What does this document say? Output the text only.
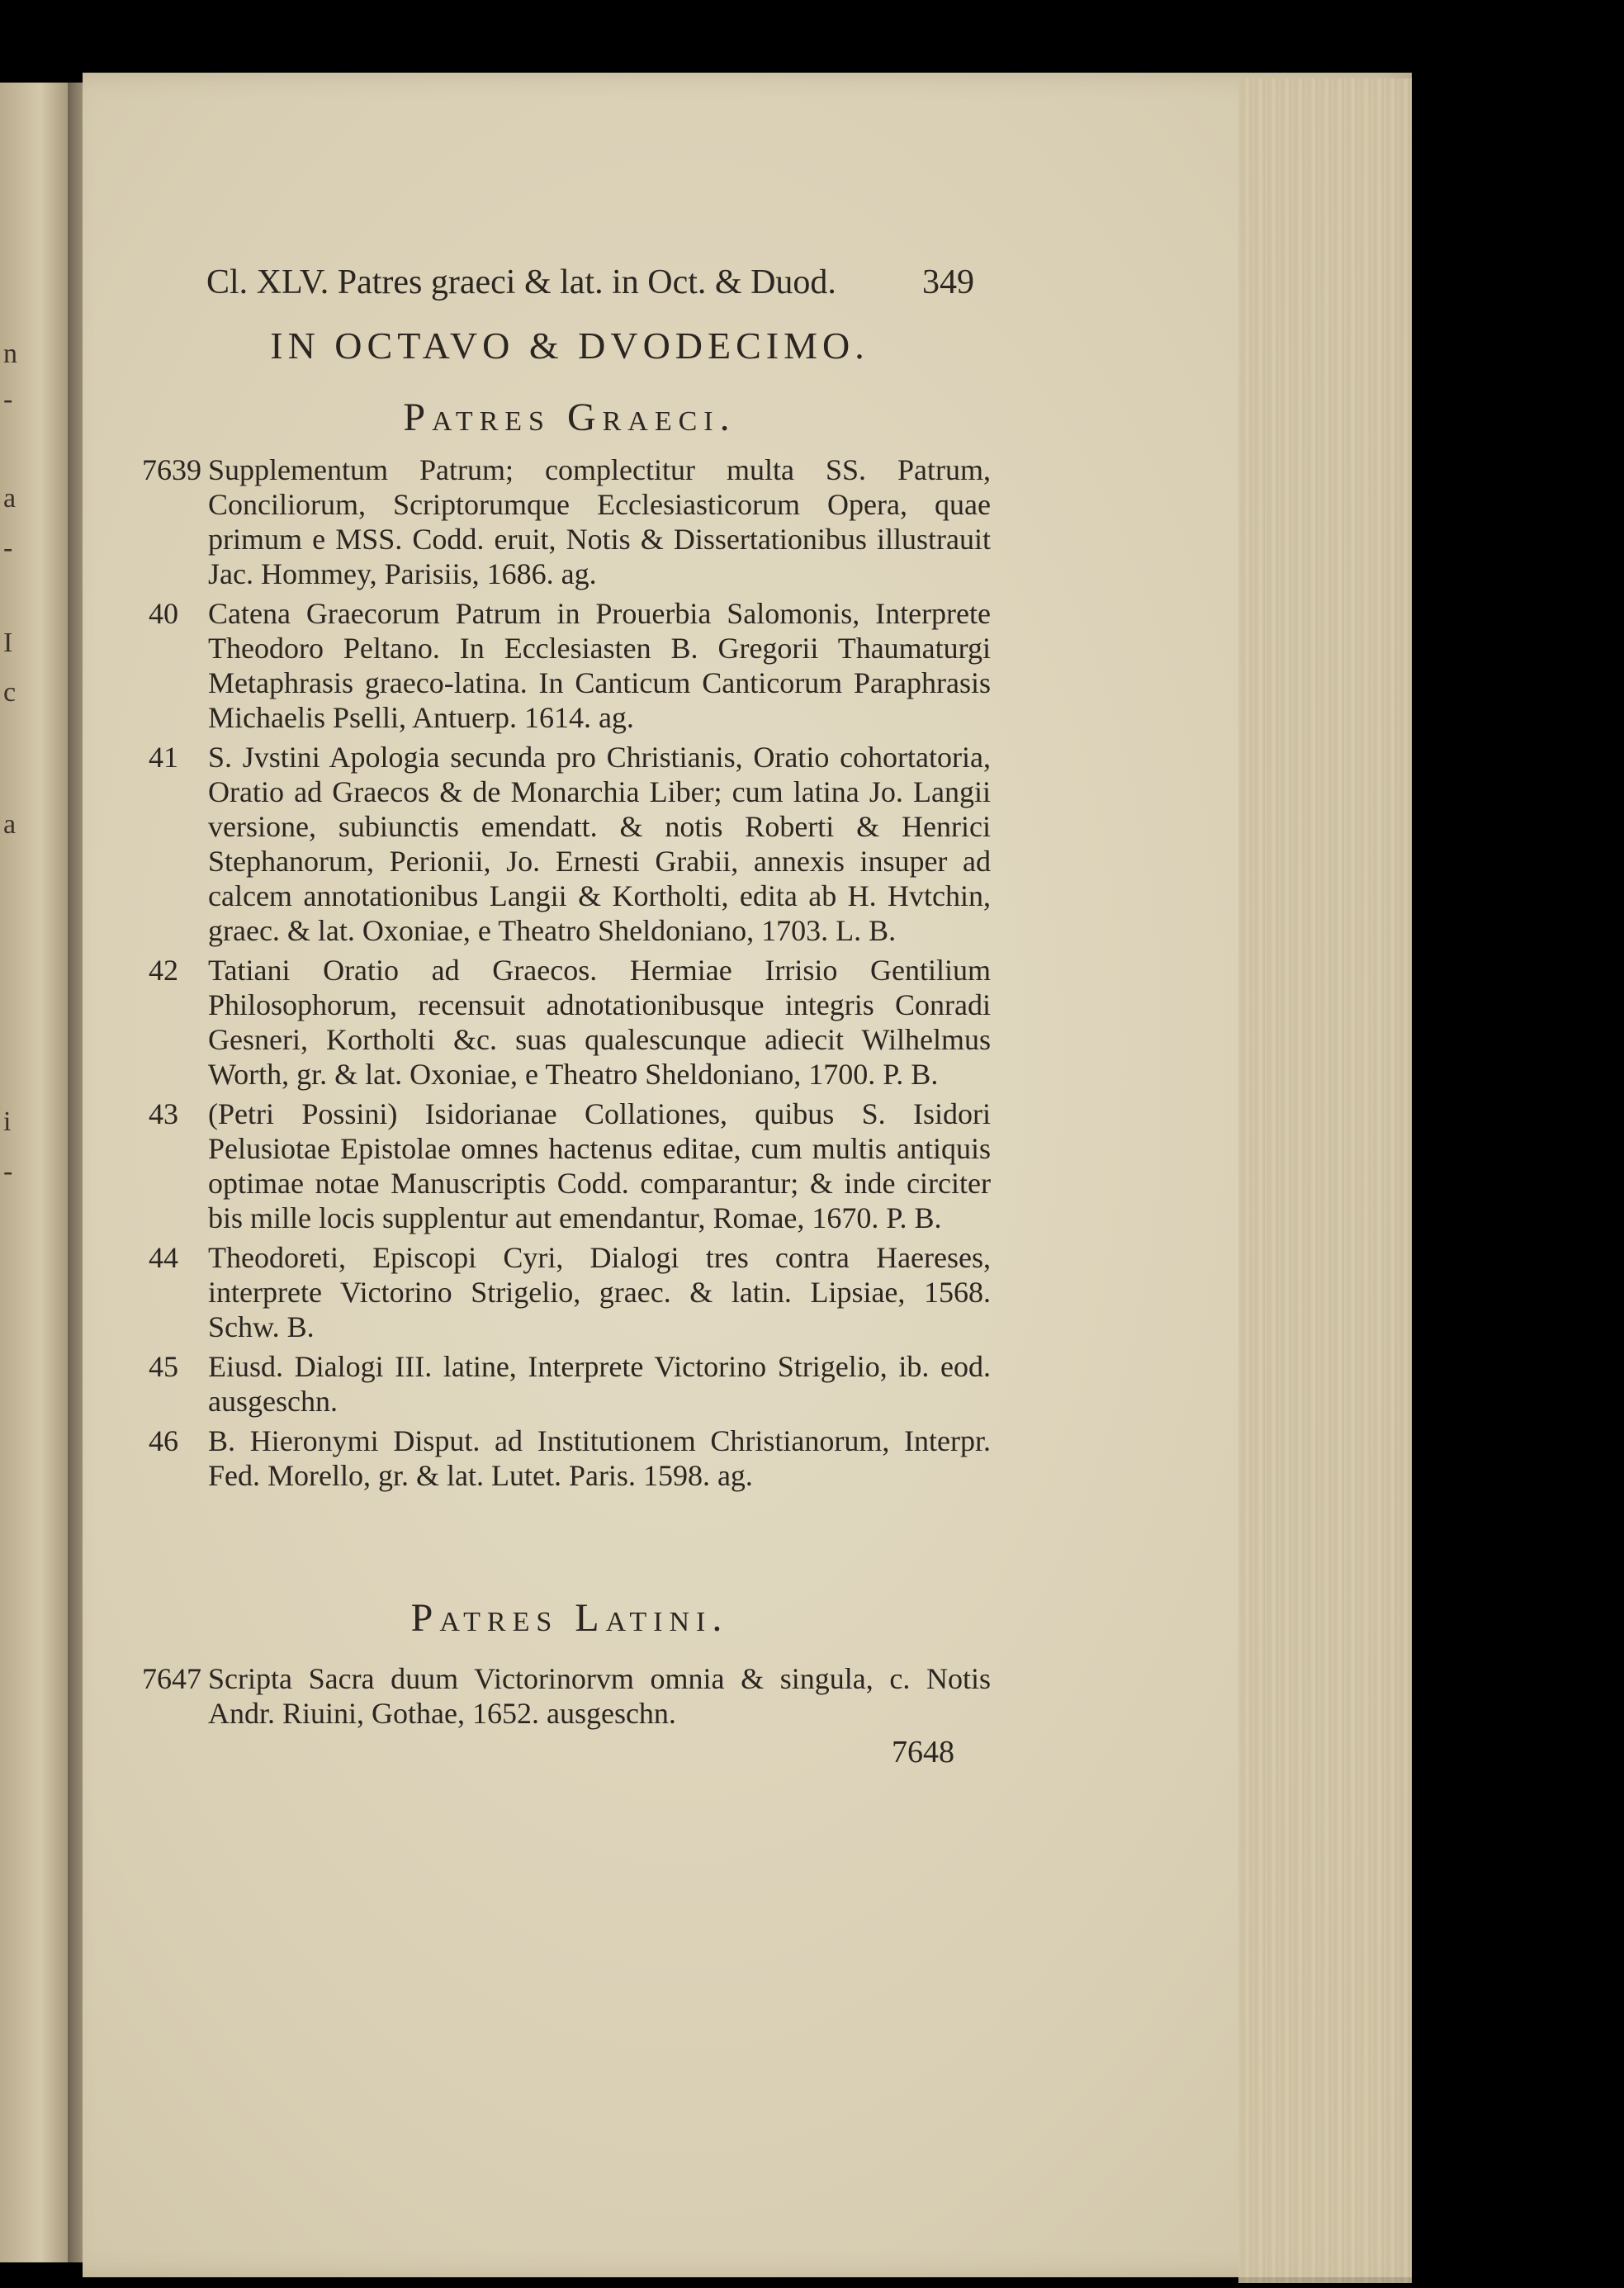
n
-
a
-
I
c
a
i
-
Cl. XLV. Patres graeci & lat. in Oct. & Duod. 349
IN OCTAVO & DVODECIMO.
Patres Graeci.
7639 Supplementum Patrum; complectitur multa SS. Patrum, Conciliorum, Scriptorumque Ecclesiasticorum Opera, quae primum e MSS. Codd. eruit, Notis & Dissertationibus illustrauit Jac. Hommey, Parisiis, 1686. ag.
40	Catena Graecorum Patrum in Prouerbia Salomonis, Interprete Theodoro Peltano. In Ecclesiasten B. Gregorii Thaumaturgi Metaphrasis graeco-latina. In Canticum Canticorum Paraphrasis Michaelis Pselli, Antuerp. 1614. ag.
41	S. Jvstini Apologia secunda pro Christianis, Oratio cohortatoria, Oratio ad Graecos & de Monarchia Liber; cum latina Jo. Langii versione, subiunctis emendatt. & notis Roberti & Henrici Stephanorum, Perionii, Jo. Ernesti Grabii, annexis insuper ad calcem annotationibus Langii & Kortholti, edita ab H. Hvtchin, graec. & lat. Oxoniae, e Theatro Sheldoniano, 1703. L. B.
42	Tatiani Oratio ad Graecos. Hermiae Irrisio Gentilium Philosophorum, recensuit adnotationibusque integris Conradi Gesneri, Kortholti &c. suas qualescunque adiecit Wilhelmus Worth, gr. & lat. Oxoniae, e Theatro Sheldoniano, 1700. P. B.
43	(Petri Possini) Isidorianae Collationes, quibus S. Isidori Pelusiotae Epistolae omnes hactenus editae, cum multis antiquis optimae notae Manuscriptis Codd. comparantur; & inde circiter bis mille locis supplentur aut emendantur, Romae, 1670. P. B.
44	Theodoreti, Episcopi Cyri, Dialogi tres contra Haereses, interprete Victorino Strigelio, graec. & latin. Lipsiae, 1568. Schw. B.
45	Eiusd. Dialogi III. latine, Interprete Victorino Strigelio, ib. eod. ausgeschn.
46	B. Hieronymi Disput. ad Institutionem Christianorum, Interpr. Fed. Morello, gr. & lat. Lutet. Paris. 1598. ag.
Patres Latini.
7647 Scripta Sacra duum Victorinorvm omnia & singula, c. Notis Andr. Riuini, Gothae, 1652. ausgeschn.
7648
